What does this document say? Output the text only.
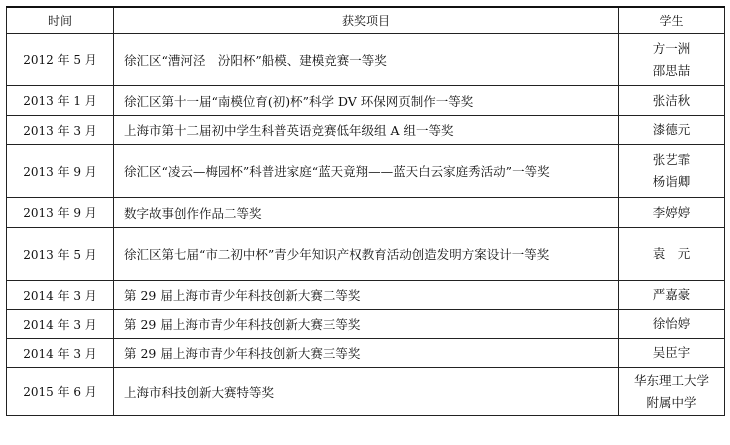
时间	获奖项目	学生
2012 年 5 月	徐汇区“漕河泾　汾阳杯”船模、建模竞赛一等奖	方一洲
邵思喆

2013 年 1 月	徐汇区第十一届“南模位育(初)杯”科学 DV 环保网页制作一等奖	张洁秋

2013 年 3 月	上海市第十二届初中学生科普英语竞赛低年级组 A 组一等奖	漆德元

2013 年 9 月	徐汇区“凌云—梅园杯”科普进家庭“蓝天竟翔——蓝天白云家庭秀活动”一等奖	张艺霏
杨诣卿

2013 年 9 月	数字故事创作作品二等奖	李婷婷

2013 年 5 月	徐汇区第七届“市二初中杯”青少年知识产权教育活动创造发明方案设计一等奖	袁　元

2014 年 3 月	第 29 届上海市青少年科技创新大赛二等奖	严嘉豪

2014 年 3 月	第 29 届上海市青少年科技创新大赛三等奖	徐怡婷

2014 年 3 月	第 29 届上海市青少年科技创新大赛三等奖	吴臣宇

2015 年 6 月	上海市科技创新大赛特等奖	华东理工大学
附属中学
